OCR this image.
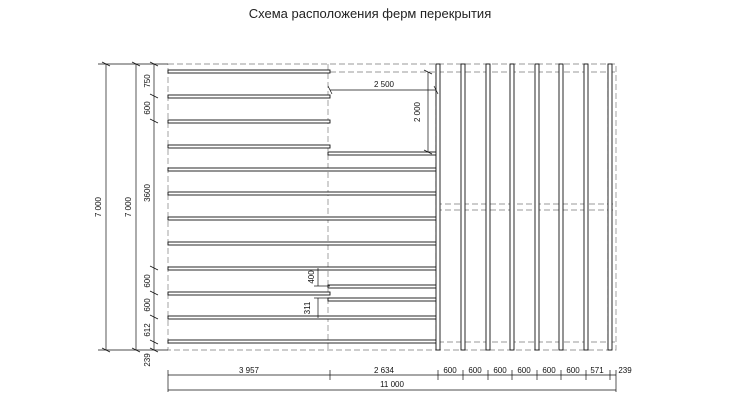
Схема расположения ферм перекрытия
2 500
2 000
400
311
7 000	7 000
750
600
3600
600
600
612
239
3 957	2 634	600 600 600 600 600 600 571 239
11 000
